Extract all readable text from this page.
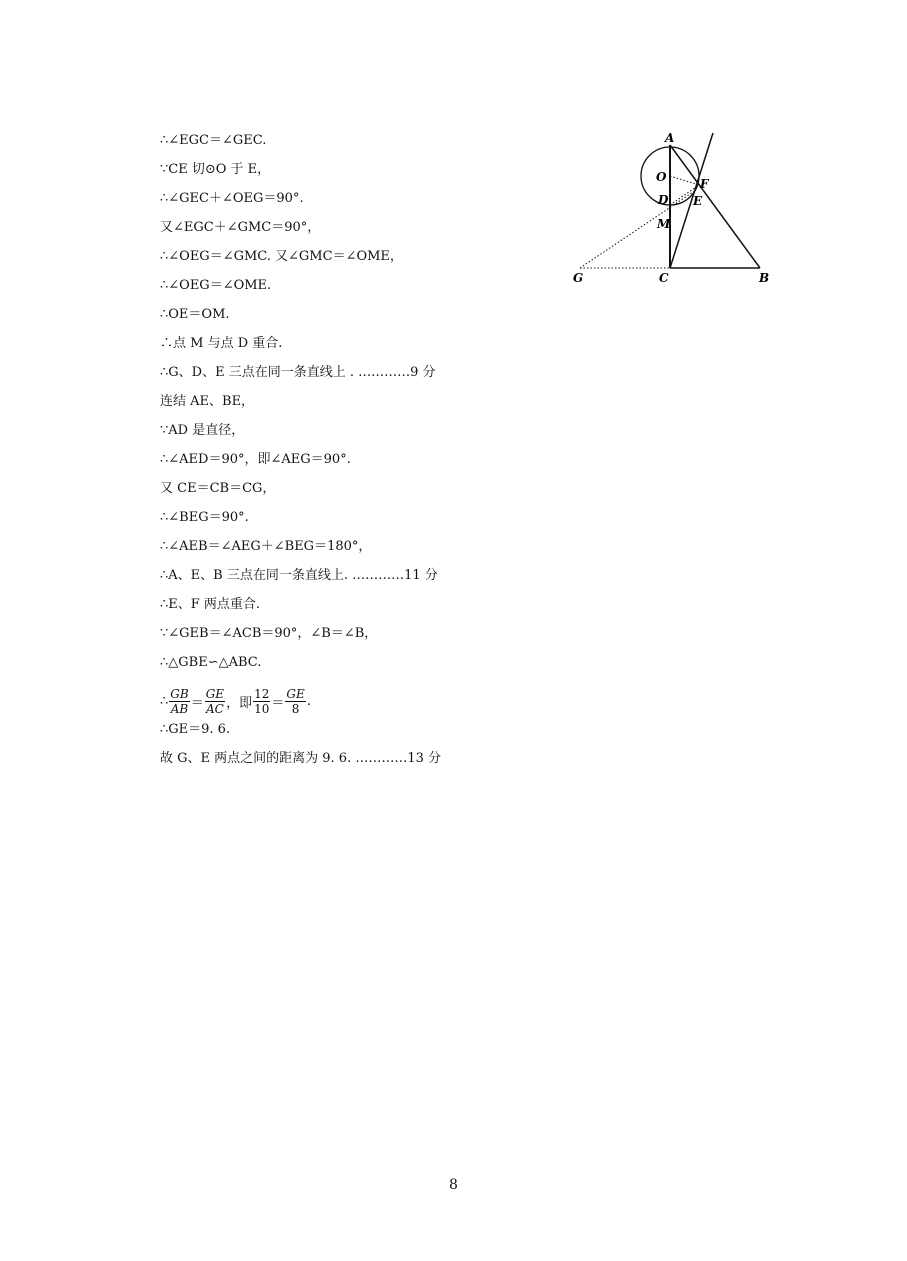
∴∠EGC＝∠GEC.
∵CE 切⊙O 于 E，
∴∠GEC＋∠OEG＝90°.
又∠EGC＋∠GMC＝90°，
∴∠OEG＝∠GMC. 又∠GMC＝∠OME，
∴∠OEG＝∠OME.
∴OE＝OM.
∴点 M 与点 D 重合.
∴G、D、E 三点在同一条直线上 . …………9 分
连结 AE、BE，
∵AD 是直径，
∴∠AED＝90°，即∠AEG＝90°.
又 CE＝CB＝CG，
∴∠BEG＝90°.
∴∠AEB＝∠AEG＋∠BEG＝180°，
∴A、E、B 三点在同一条直线上. …………11 分
∴E、F 两点重合.
∵∠GEB＝∠ACB＝90°，∠B＝∠B，
∴△GBE∽△ABC.
∴ $\frac{GB}{AB} = \frac{GE}{AC}$ ，即 $\frac{12}{10} = \frac{GE}{8}$ .
∴GE＝9. 6.
故 G、E 两点之间的距离为 9. 6. …………13 分
A
O	F
D E
M
G	C	B
8
